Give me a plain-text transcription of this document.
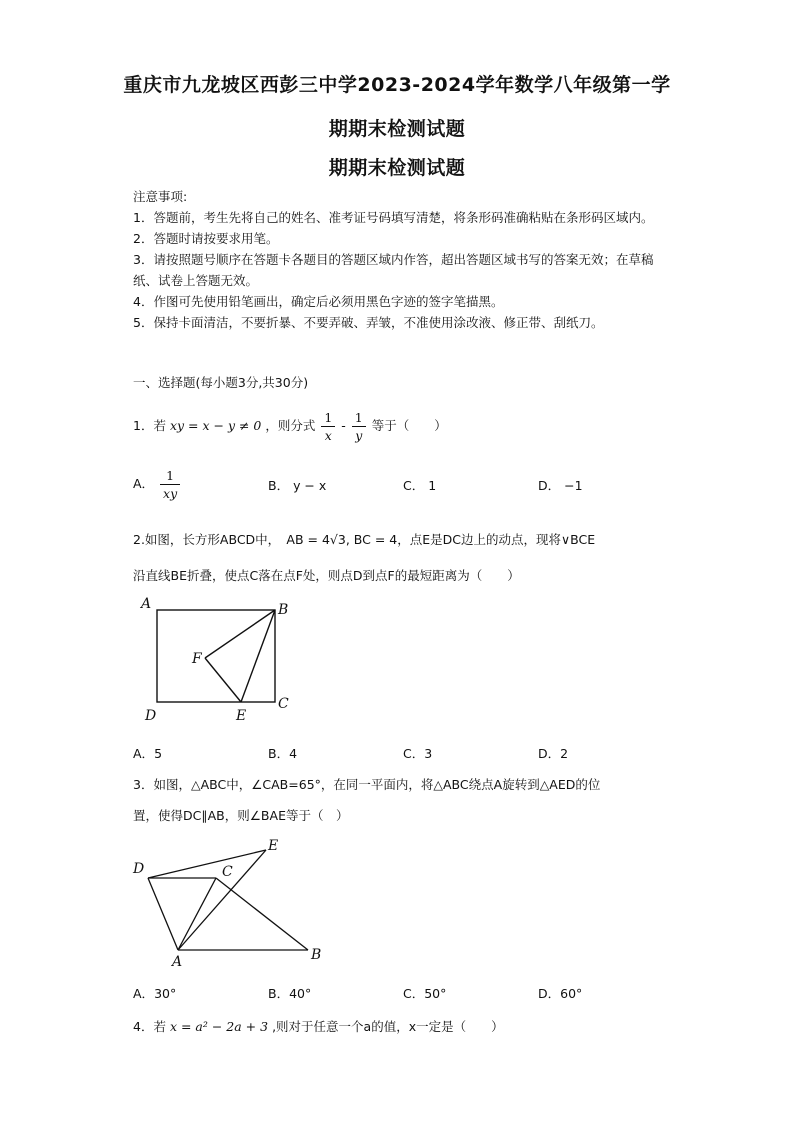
重庆市九龙坡区西彭三中学2023-2024学年数学八年级第一学
期期末检测试题
期期末检测试题

注意事项:

1．答题前，考生先将自己的姓名、准考证号码填写清楚，将条形码准确粘贴在条形码区域内。

2．答题时请按要求用笔。

3．请按照题号顺序在答题卡各题目的答题区域内作答，超出答题区域书写的答案无效；在草稿纸、试卷上答题无效。

4．作图可先使用铅笔画出，确定后必须用黑色字迹的签字笔描黑。

5．保持卡面清洁，不要折暴、不要弄破、弄皱，不准使用涂改液、修正带、刮纸刀。

一、选择题(每小题3分,共30分)
1．若 xy = x − y ≠ 0 ，则分式 $\frac{1}{x} - \frac{1}{y}$ 等于（　　）
A． $\frac{1}{xy}$	B． y − x	C． 1	D． −1
2.如图，长方形ABCD中，　AB = 4√3, BC = 4，点E是DC边上的动点，现将∨BCE
沿直线BE折叠，使点C落在点F处，则点D到点F的最短距离为（　　）
A	B
C
D	E
F
A．5	B．4	C．3	D．2
3．如图，△ABC中，∠CAB=65°，在同一平面内，将△ABC绕点A旋转到△AED的位
置，使得DC∥AB，则∠BAE等于（　）
D
E
C
A	B
A．30°	B．40°	C．50°	D．60°
4．若 x = a² − 2a + 3 ,则对于任意一个a的值，x一定是（　　）
